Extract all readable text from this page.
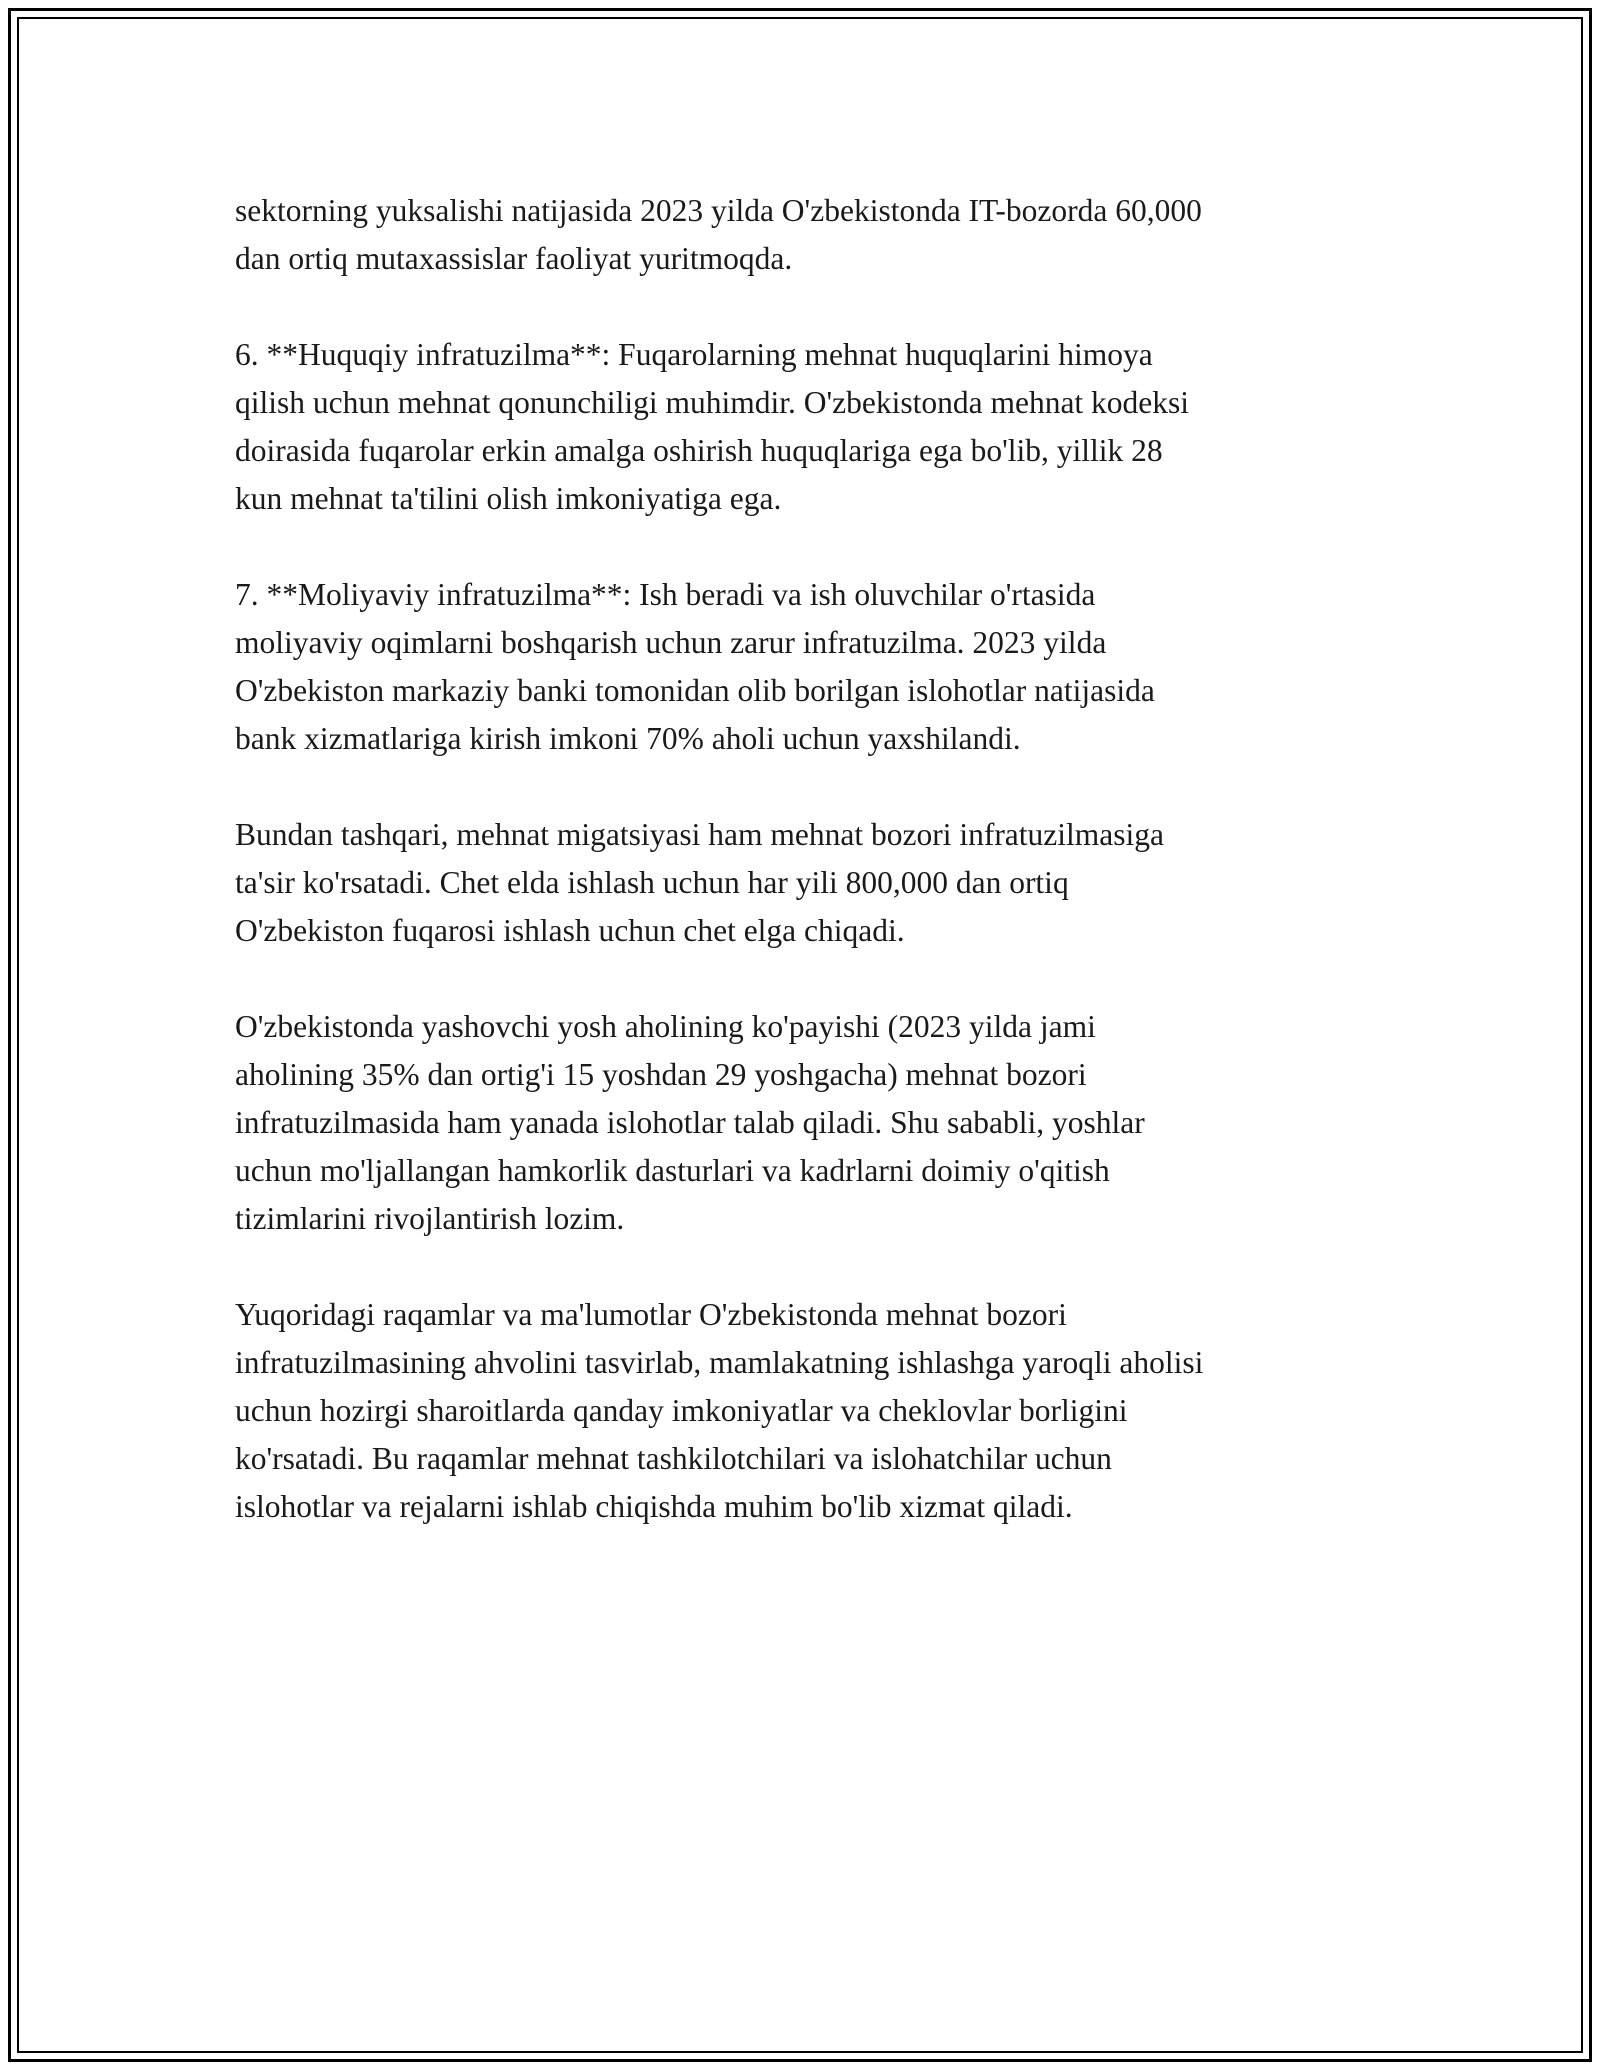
sektorning yuksalishi natijasida 2023 yilda O'zbekistonda IT-bozorda 60,000
dan ortiq mutaxassislar faoliyat yuritmoqda.

6. **Huquqiy infratuzilma**: Fuqarolarning mehnat huquqlarini himoya
qilish uchun mehnat qonunchiligi muhimdir. O'zbekistonda mehnat kodeksi
doirasida fuqarolar erkin amalga oshirish huquqlariga ega bo'lib, yillik 28
kun mehnat ta'tilini olish imkoniyatiga ega.

7. **Moliyaviy infratuzilma**: Ish beradi va ish oluvchilar o'rtasida
moliyaviy oqimlarni boshqarish uchun zarur infratuzilma. 2023 yilda
O'zbekiston markaziy banki tomonidan olib borilgan islohotlar natijasida
bank xizmatlariga kirish imkoni 70% aholi uchun yaxshilandi.

Bundan tashqari, mehnat migatsiyasi ham mehnat bozori infratuzilmasiga
ta'sir ko'rsatadi. Chet elda ishlash uchun har yili 800,000 dan ortiq
O'zbekiston fuqarosi ishlash uchun chet elga chiqadi.

O'zbekistonda yashovchi yosh aholining ko'payishi (2023 yilda jami
aholining 35% dan ortig'i 15 yoshdan 29 yoshgacha) mehnat bozori
infratuzilmasida ham yanada islohotlar talab qiladi. Shu sababli, yoshlar
uchun mo'ljallangan hamkorlik dasturlari va kadrlarni doimiy o'qitish
tizimlarini rivojlantirish lozim.

Yuqoridagi raqamlar va ma'lumotlar O'zbekistonda mehnat bozori
infratuzilmasining ahvolini tasvirlab, mamlakatning ishlashga yaroqli aholisi
uchun hozirgi sharoitlarda qanday imkoniyatlar va cheklovlar borligini
ko'rsatadi. Bu raqamlar mehnat tashkilotchilari va islohatchilar uchun
islohotlar va rejalarni ishlab chiqishda muhim bo'lib xizmat qiladi.
